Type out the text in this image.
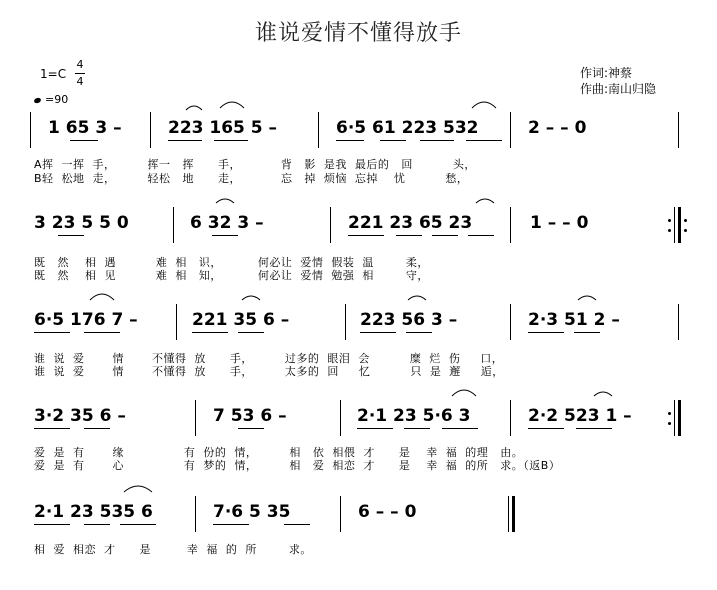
谁说爱情不懂得放手
1=C
4
4
=90
作词:神蔡
作曲:南山归隐
1 65 3 –	223 165 5 –	6·5 61 223 532	2 – – 0
A挥  一挥  手，        挥一   挥      手，          背   影  是我  最后的   回          头，
B轻  松地  走，        轻松   地      走，          忘   掉  烦恼  忘掉    忧          愁，
3 23 5 5 0	6 32 3 –	221 23 65 23	1 – – 0
既   然    相  遇          难  相   识，         何必让  爱情  假装  温        柔，
既   然    相  见          难  相   知，         何必让  爱情  勉强  相        守，
6·5 176 7 –	221 35 6 –	223 56 3 –	2·3 51 2 –
谁  说  爱       情       不懂得  放      手，        过多的  眼泪  会          糜  烂  伤     口，
谁  说  爱       情       不懂得  放      手，        太多的  回     忆          只  是  邂     逅，
3·2 35 6 –	7 53 6 –	2·1 23 5·6 3	2·2 523 1 –
爱  是  有       缘               有  份的  情，        相   依  相偎  才      是    幸  福  的理   由。
爱  是  有       心               有  梦的  情，        相   爱  相恋  才      是    幸  福  的所   求。（返B）
2·1 23 535 6	7·6 5 35	6 – – 0
相  爱  相恋  才      是         幸  福  的  所        求。
